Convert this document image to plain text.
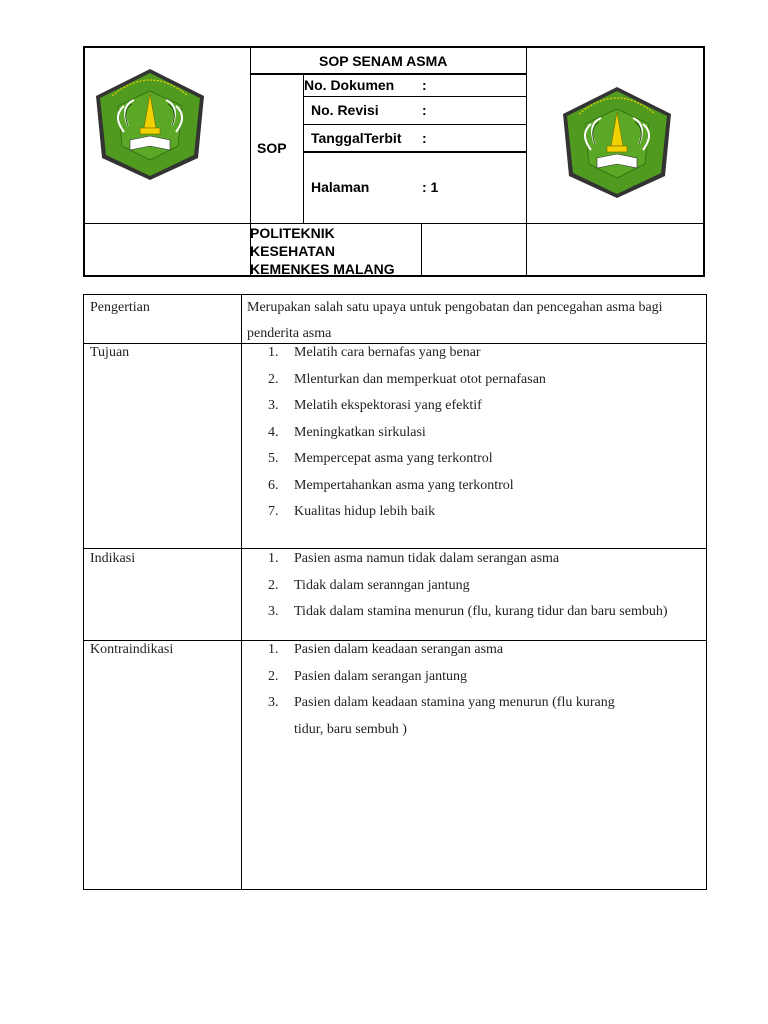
SOP SENAM ASMA
SOP
No. Dokumen :
No. Revisi	:
TanggalTerbit :
Halaman	: 1
POLITEKNIK
KESEHATAN
KEMENKES MALANG
Pengertian	Merupakan salah satu upaya untuk pengobatan dan pencegahan asma bagi
penderita asma
Tujuan	1. Melatih cara bernafas yang benar
2. Mlenturkan dan memperkuat otot pernafasan
3. Melatih ekspektorasi yang efektif
4. Meningkatkan sirkulasi
5. Mempercepat asma yang terkontrol
6. Mempertahankan asma yang terkontrol
7. Kualitas hidup lebih baik
Indikasi	1. Pasien asma namun tidak dalam serangan asma
2. Tidak dalam seranngan jantung
3. Tidak dalam stamina menurun (flu, kurang tidur dan baru sembuh)
Kontraindikasi	1. Pasien dalam keadaan serangan asma
2. Pasien dalam serangan jantung
3. Pasien dalam keadaan stamina yang menurun (flu kurang tidur, baru sembuh )
